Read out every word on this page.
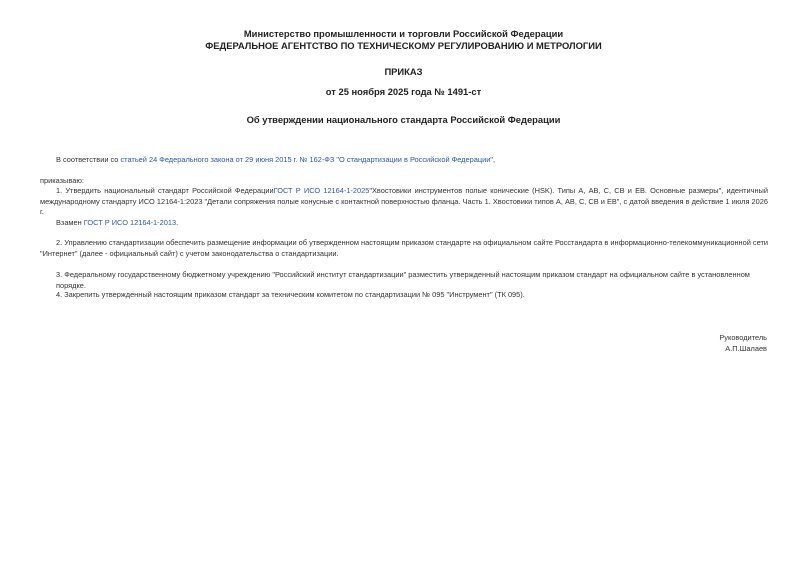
Министерство промышленности и торговли Российской Федерации
ФЕДЕРАЛЬНОЕ АГЕНТСТВО ПО ТЕХНИЧЕСКОМУ РЕГУЛИРОВАНИЮ И МЕТРОЛОГИИ
ПРИКАЗ
от 25 ноября 2025 года № 1491-ст
Об утверждении национального стандарта Российской Федерации
В соответствии со статьей 24 Федерального закона от 29 июня 2015 г. № 162-ФЗ "О стандартизации в Российской Федерации",
приказываю:
1. Утвердить национальный стандарт Российской ФедерацииГОСТ Р ИСО 12164-1-2025"Хвостовики инструментов полые конические (HSK). Типы А, АВ, С, СВ и ЕВ. Основные размеры", идентичный международному стандарту ИСО 12164-1:2023 "Детали сопряжения полые конусные с контактной поверхностью фланца. Часть 1. Хвостовики типов А, АВ, С, СВ и ЕВ", с датой введения в действие 1 июля 2026 г.
Взамен ГОСТ Р ИСО 12164-1-2013.
2. Управлению стандартизации обеспечить размещение информации об утвержденном настоящим приказом стандарте на официальном сайте Росстандарта в информационно-телекоммуникационной сети "Интернет" (далее - официальный сайт) с учетом законодательства о стандартизации.
3. Федеральному государственному бюджетному учреждению "Российский институт стандартизации" разместить утвержденный настоящим приказом стандарт на официальном сайте в установленном порядке.
4. Закрепить утвержденный настоящим приказом стандарт за техническим комитетом по стандартизации № 095 "Инструмент" (ТК 095).
Руководитель
А.П.Шалаев
